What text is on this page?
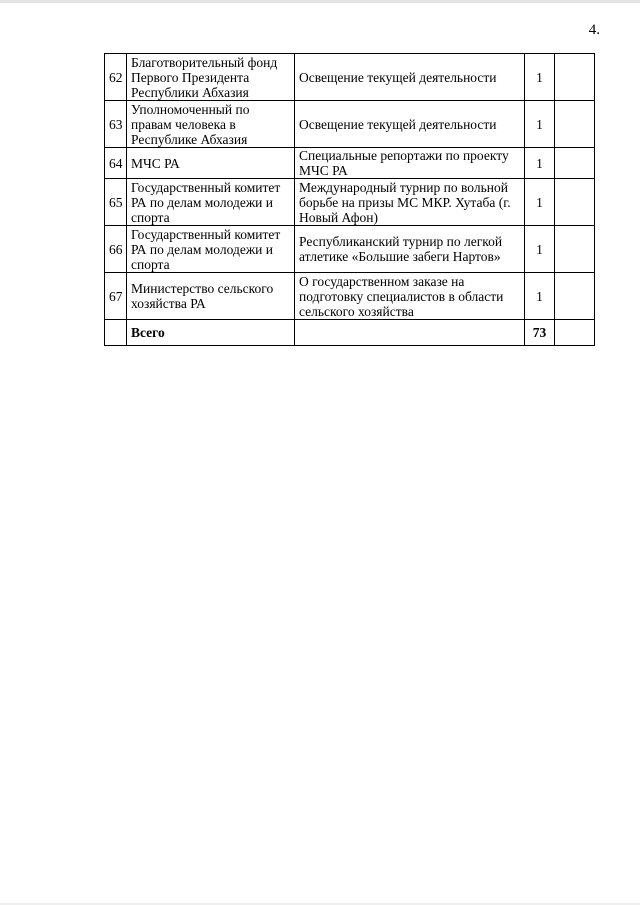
4.
62	Благотворительный фонд Первого Президента Республики Абхазия	Освещение текущей деятельности	1	
63	Уполномоченный по правам человека в Республике Абхазия	Освещение текущей деятельности	1	
64	МЧС РА	Специальные репортажи по проекту МЧС РА	1	
65	Государственный комитет РА по делам молодежи и спорта	Международный турнир по вольной борьбе на призы МС МКР. Хутаба (г. Новый Афон)	1	
66	Государственный комитет РА по делам молодежи и спорта	Республиканский турнир по легкой атлетике «Большие забеги Нартов»	1	
67	Министерство сельского хозяйства РА	О государственном заказе на подготовку специалистов в области сельского хозяйства	1	
	Всего		73	
